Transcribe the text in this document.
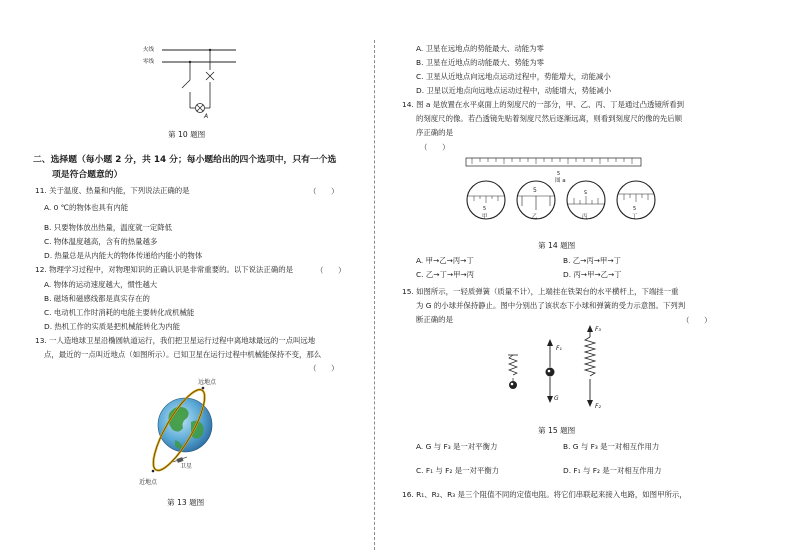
火线
零线
A
第 10 题图
二、选择题（每小题 2 分，共 14 分；每小题给出的四个选项中，只有一个选
项是符合题意的）
11. 关于温度、热量和内能，下列说法正确的是	（　　）
A. 0 ℃的物体也具有内能
B. 只要物体放出热量，温度就一定降低
C. 物体温度越高，含有的热量越多
D. 热量总是从内能大的物体传递给内能小的物体
12. 物理学习过程中，对物理知识的正确认识是非常重要的。以下说法正确的是	（　　）
A. 物体的运动速度越大，惯性越大
B. 磁场和磁感线都是真实存在的
C. 电动机工作时消耗的电能主要转化成机械能
D. 热机工作的实质是把机械能转化为内能
13. 一人造地球卫星沿椭圆轨道运行，我们把卫星运行过程中离地球最远的一点叫远地
点，最近的一点叫近地点（如图所示）。已知卫星在运行过程中机械能保持不变，那么
（　　）
远地点
卫星
近地点
第 13 题图
A. 卫星在远地点的势能最大、动能为零
B. 卫星在近地点的动能最大、势能为零
C. 卫星从近地点向远地点运动过程中，势能增大，动能减小
D. 卫星以近地点向远地点运动过程中，动能增大，势能减小
14. 图 a 是放置在水平桌面上的刻度尺的一部分，甲、乙、丙、丁是通过凸透镜所看到
的刻度尺的像。若凸透镜先贴着刻度尺然后逐渐远离，则看到刻度尺的像的先后顺
序正确的是
（　　）
5
5
5	5
5
图 a
甲	乙	丙	丁
第 14 题图
A. 甲→乙→丙→丁	B. 乙→丙→甲→丁
C. 乙→丁→甲→丙	D. 丙→甲→乙→丁
15. 如图所示，一轻质弹簧（质量不计），上端挂在铁架台的水平横杆上，下端挂一重
为 G 的小球并保持静止。图中分别出了该状态下小球和弹簧的受力示意图。下列判
断正确的是	（　　）
F₁
G
F₃
F₂
第 15 题图
A. G 与 F₃ 是一对平衡力	B. G 与 F₃ 是一对相互作用力
C. F₁ 与 F₂ 是一对平衡力	D. F₁ 与 F₂ 是一对相互作用力
16. R₁、R₂、R₃ 是三个阻值不同的定值电阻。将它们串联起来接入电路，如图甲所示，
